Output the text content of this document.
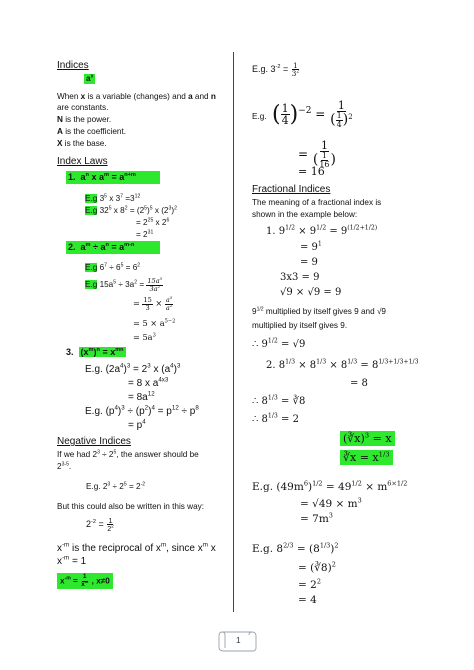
Indices
$a^x$
When x is a variable (changes) and a and n
are constants.
N is the power.
A is the coefficient.
X is the base.
Index Laws
1. $a^n$ x $a^m = a^{n+m}$
E.g $3^5$ x $3^7 =3^{12}$
E.g $32^5$ x $8^2 = (2^5)^5$ x $(2^3)^2$
= $2^{25}$ x $2^6$
= $2^{31}$
2. $a^m \div a^n = a^{m-n}$
E.g $6^7 \div 6^5 = 6^2$
E.g $15a^5 \div 3a^2 = \frac{15a^5}{3a^2}$
= $\frac{15}{3} \times \frac{a^5}{a^2}$
= $5 \times a^{5-2}$
= $5a^3$
3. $(x^m)^n = x^{mn}$
E.g. $(2a^4)^3 = 2^3$ x $(a^4)^3$
= 8 x $a^{4x3}$
= $8a^{12}$
E.g. $(p^4)^3 \div (p^2)^4 = p^{12} \div p^8$
= $p^4$
Negative Indices
If we had $2^3 \div 2^5$, the answer should be
2$^{3-5}$.
E.g. $2^3 \div 2^5 = 2^{-2}$
But this could also be written in this way:
$2^{-2} = \frac{1}{2^2}$
$x^{-m}$ is the reciprocal of $x^m$, since $x^m$ x
$x^{-m} = 1$
$x^{-m} = \frac{1}{x^m}$ , x≠0
E.g. $3^{-2} = \frac{1}{3^2}$
E.g. ( $\frac{1}{4} )^{-2} = \frac{1}{( \frac{1}{4} )^2}$
= $\frac{1}{( \frac{1}{16} )}$
= 16
Fractional Indices
The meaning of a fractional index is
shown in the example below:
1. $9^{1/2} \times 9^{1/2} = 9^{(1/2+1/2)}$
= $9^1$
= 9
3x3 = 9
√9 × √9 = 9
$9^{1/2}$ multiplied by itself gives 9 and √9
multiplied by itself gives 9.
∴ $9^{1/2} = √9$
2. $8^{1/3} \times 8^{1/3} \times 8^{1/3} = 8^{1/3+1/3+1/3}$
= 8
∴ $8^{1/3}$ = ∛8
∴ $8^{1/3} = 2$
(∛x)$^3$ = x
∛x = $x^{1/3}$
E.g. $(49m^6)^{1/2} = 49^{1/2} \times m^{6\times 1/2}$
= $√49 \times m^3$
= $7m^3$
E.g. $8^{2/3} = (8^{1/3})^2$
= (∛8)$^2$
= $2^2$
= 4
1
